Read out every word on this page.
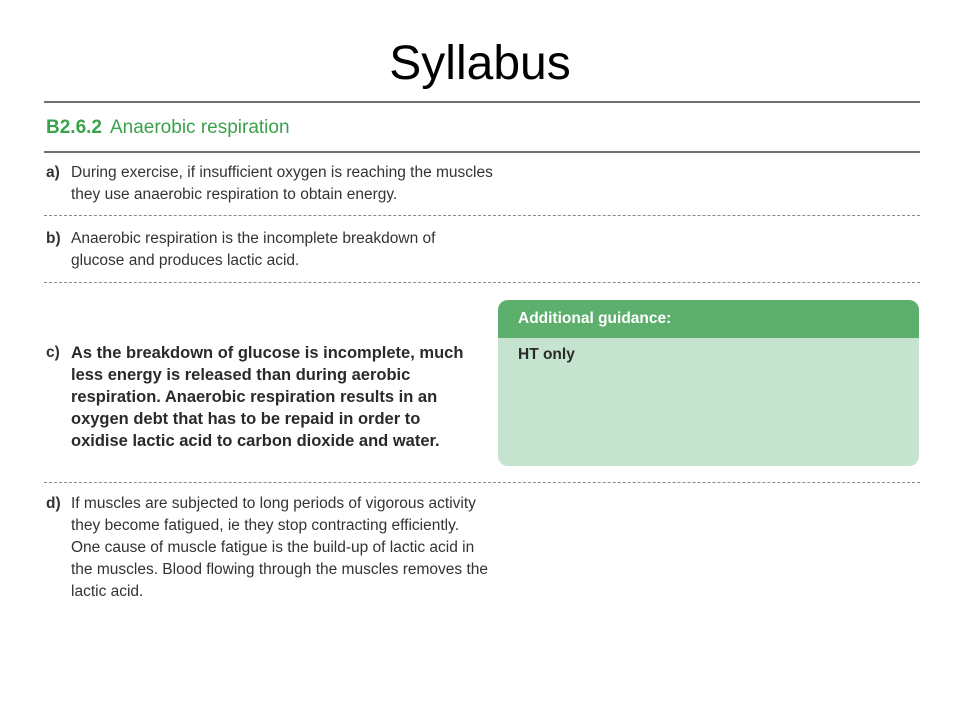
Syllabus
B2.6.2 Anaerobic respiration
a) During exercise, if insufficient oxygen is reaching the muscles they use anaerobic respiration to obtain energy.
b) Anaerobic respiration is the incomplete breakdown of glucose and produces lactic acid.
Additional guidance:
HT only
c) As the breakdown of glucose is incomplete, much less energy is released than during aerobic respiration. Anaerobic respiration results in an oxygen debt that has to be repaid in order to oxidise lactic acid to carbon dioxide and water.
d) If muscles are subjected to long periods of vigorous activity they become fatigued, ie they stop contracting efficiently. One cause of muscle fatigue is the build-up of lactic acid in the muscles. Blood flowing through the muscles removes the lactic acid.
